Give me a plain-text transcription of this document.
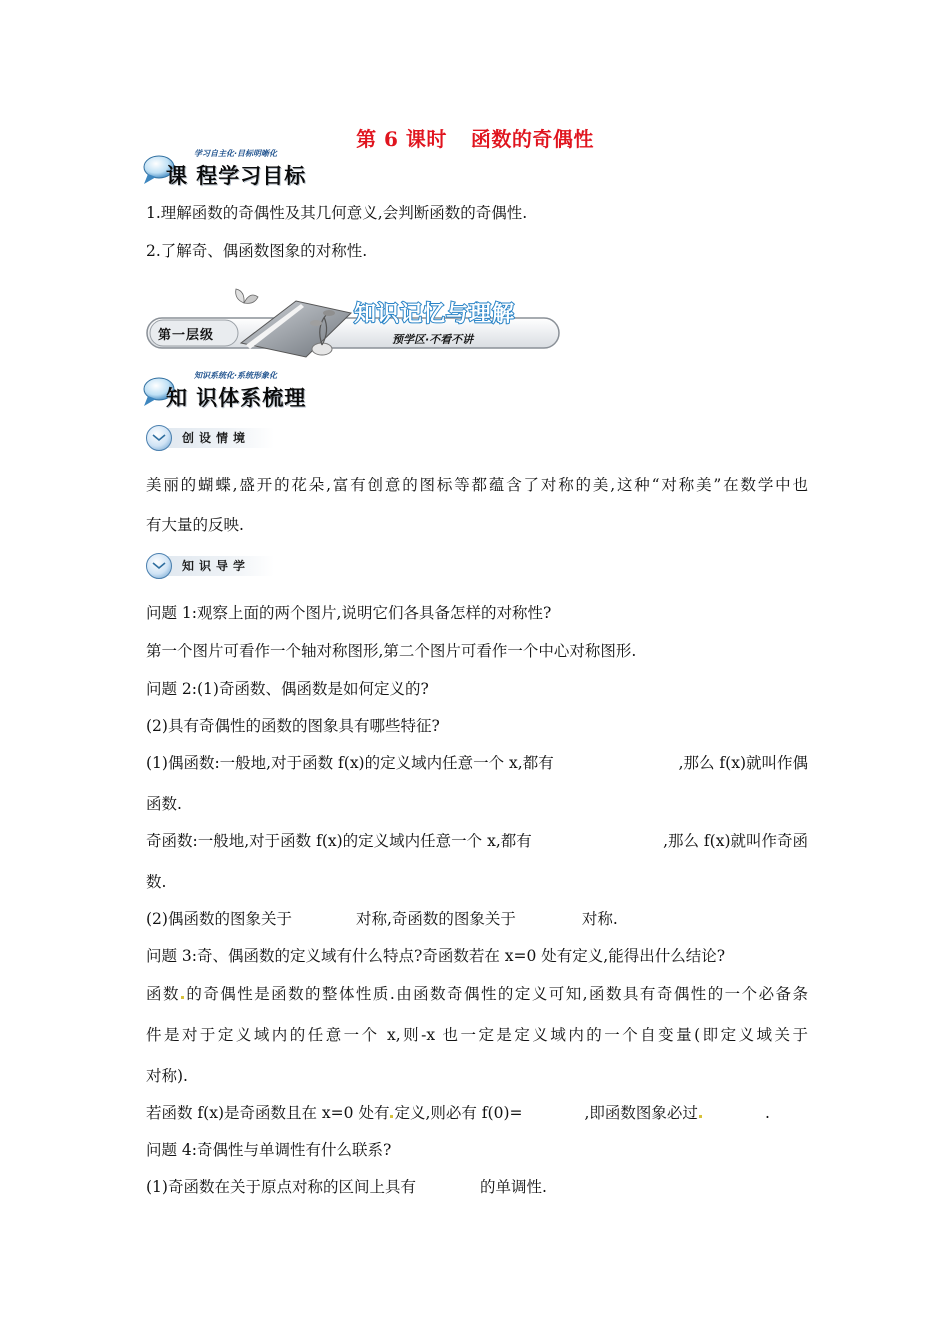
第 6 课时 函数的奇偶性
学习自主化·目标明晰化
课 程学习目标
1.理解函数的奇偶性及其几何意义,会判断函数的奇偶性.
2.了解奇、偶函数图象的对称性.
第一层级
知识记忆与理解
预学区·不看不讲
知识系统化·系统形象化
知 识体系梳理
创设情境
美丽的蝴蝶,盛开的花朵,富有创意的图标等都蕴含了对称的美,这种“对称美”在数学中也
有大量的反映.
知识导学
问题 1:观察上面的两个图片,说明它们各具备怎样的对称性?
第一个图片可看作一个轴对称图形,第二个图片可看作一个中心对称图形.
问题 2:(1)奇函数、偶函数是如何定义的?
(2)具有奇偶性的函数的图象具有哪些特征?
(1)偶函数:一般地,对于函数 f(x)的定义域内任意一个 x,都有	,那么 f(x)就叫作偶
函数.
奇函数:一般地,对于函数 f(x)的定义域内任意一个 x,都有	,那么 f(x)就叫作奇函
数.
(2)偶函数的图象关于	对称,奇函数的图象关于	对称.
问题 3:奇、偶函数的定义域有什么特点?奇函数若在 x=0 处有定义,能得出什么结论?
函数 的奇偶性是函数的整体性质.由函数奇偶性的定义可知,函数具有奇偶性的一个必备条
件是对于定义域内的任意一个 x,则-x 也一定是定义域内的一个自变量(即定义域关于
对称).
若函数 f(x)是奇函数且在 x=0 处有 定义,则必有 f(0)=	,即函数图象必过	.
问题 4:奇偶性与单调性有什么联系?
(1)奇函数在关于原点对称的区间上具有	的单调性.
